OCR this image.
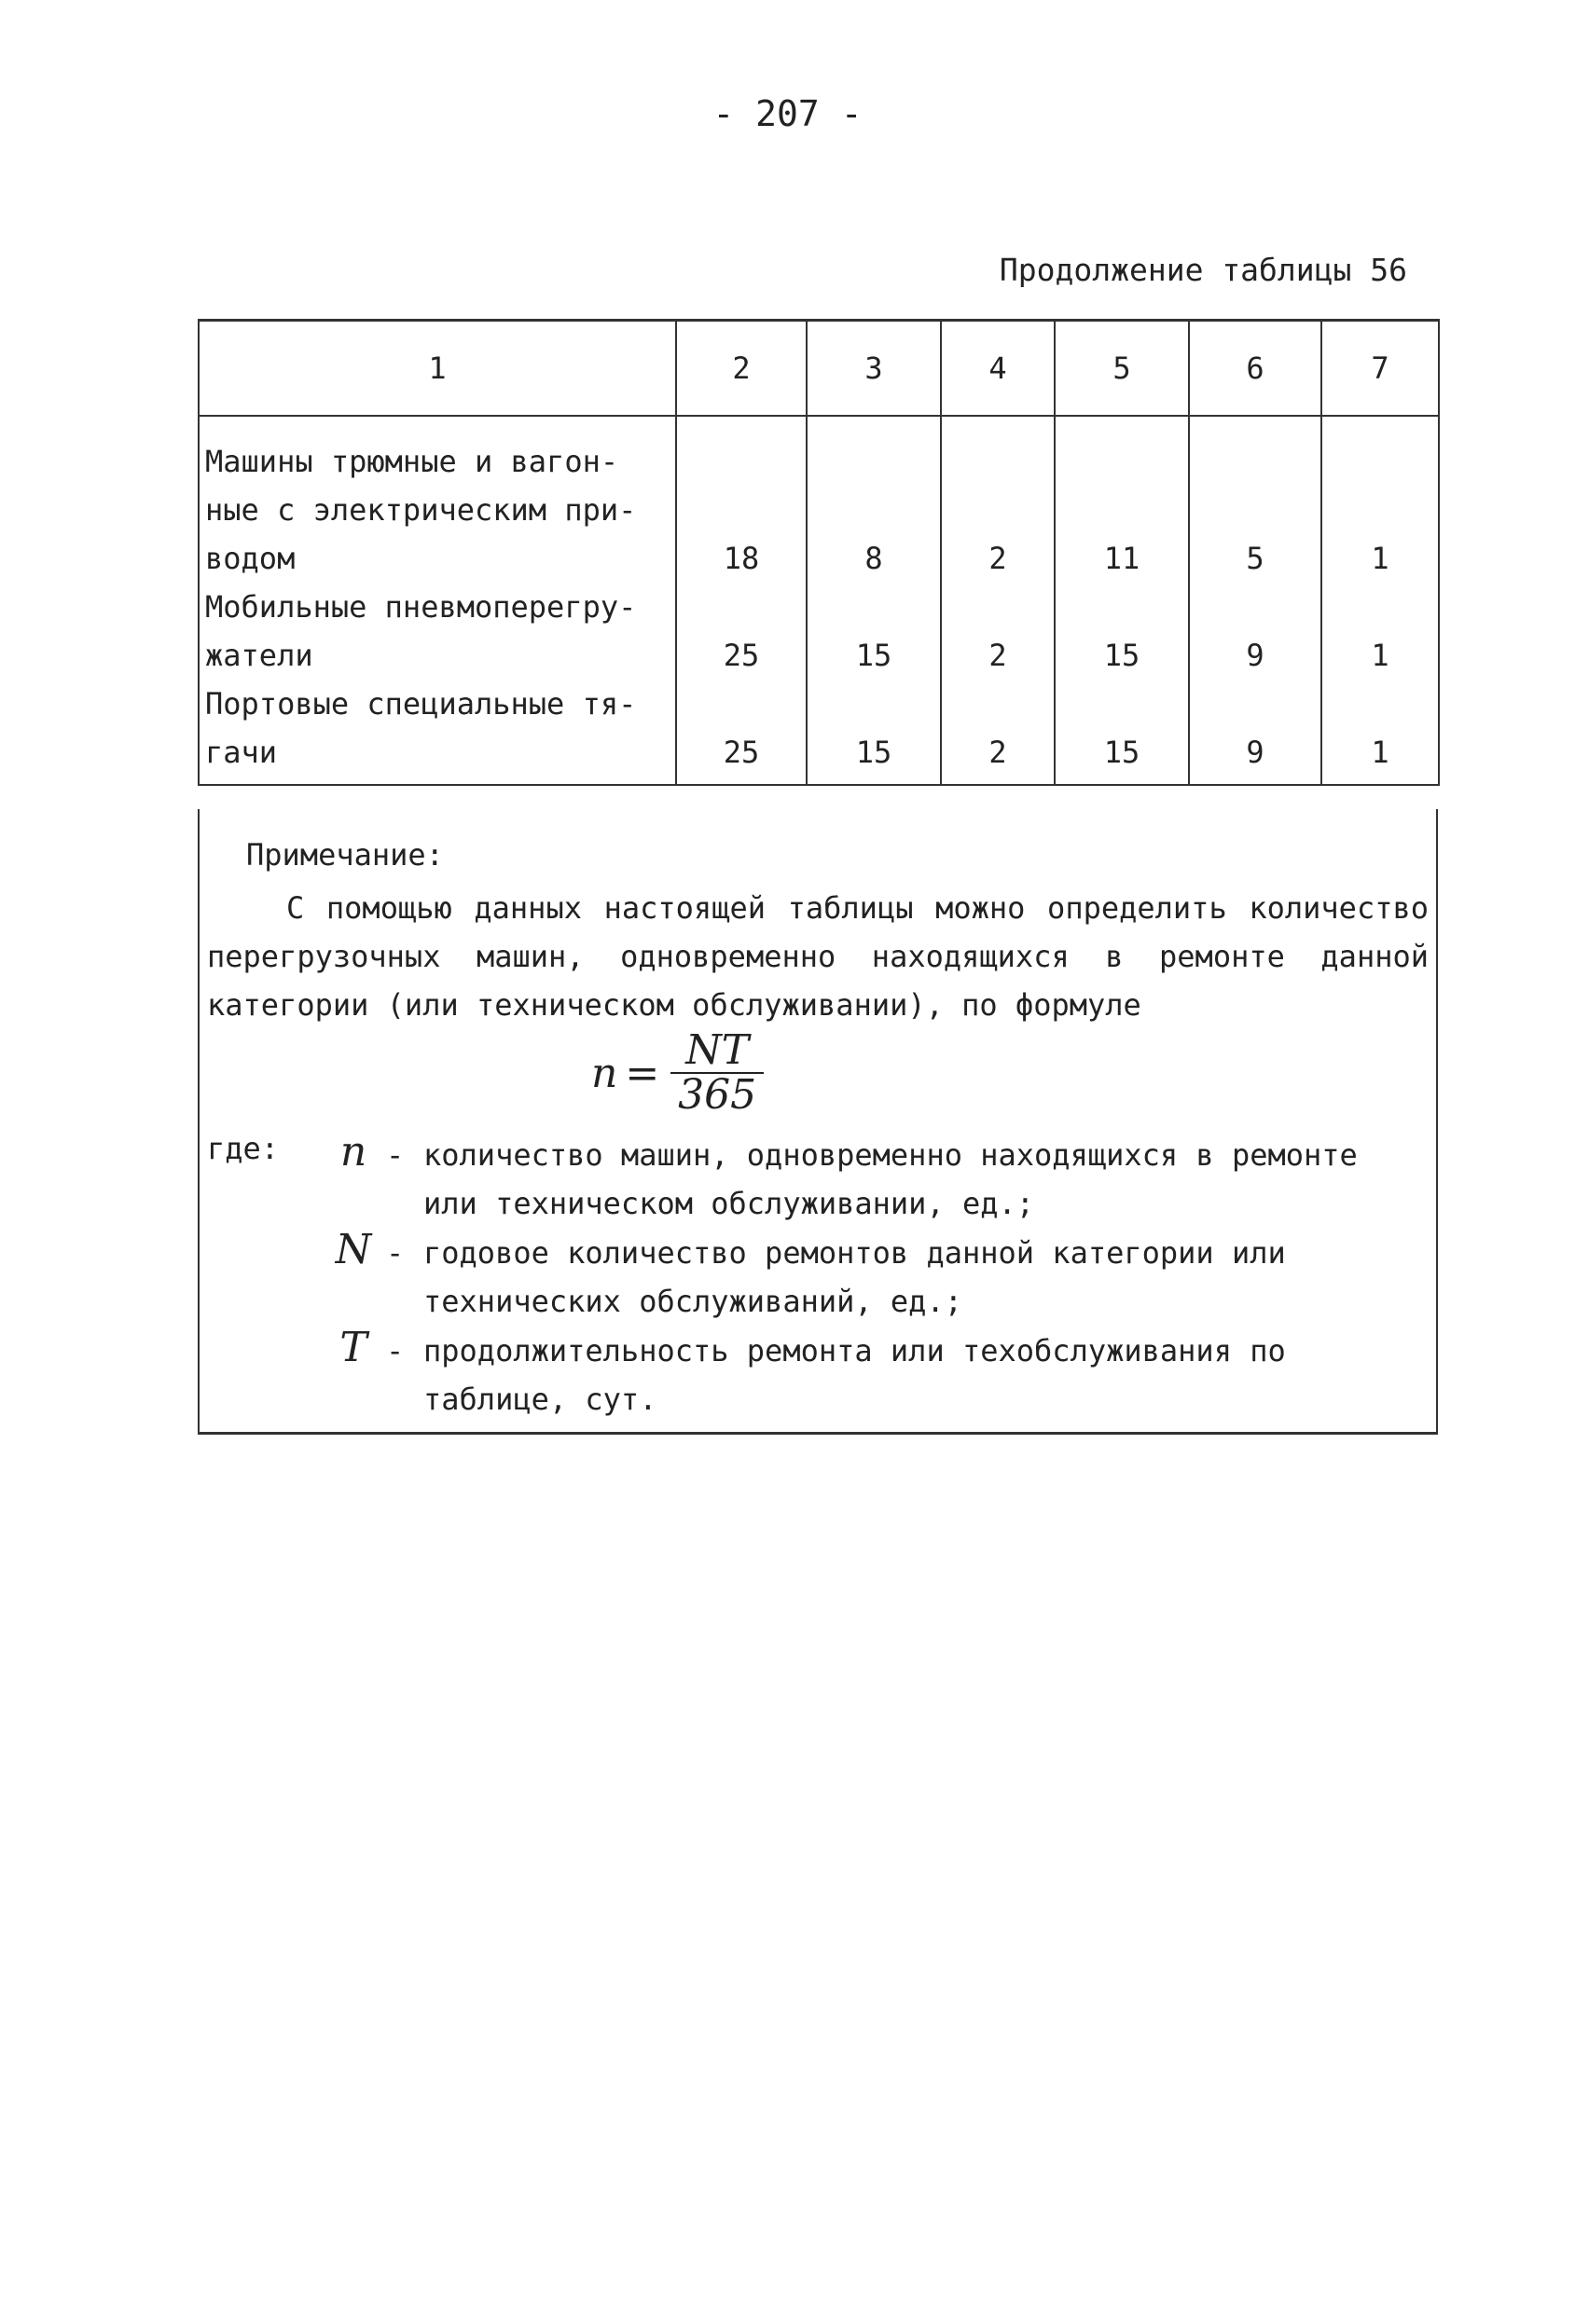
- 207 -
Продолжение таблицы 56
1	2	3	4	5	6	7

Машины трюмные и вагон-
ные с электрическим при-
водом	18	8	2	11	5	1

Мобильные пневмоперегру-
жатели	25	15	2	15	9	1

Портовые специальные тя-
гачи	25	15	2	15	9	1
Примечание:
С помощью данных настоящей таблицы можно определить количество перегрузочных машин, одновременно находящихся в ремонте данной категории (или техническом обслуживании), по формуле
$n = \frac{NT}{365}$
где:	n - количество машин, одновременно находящихся в ремонте или техническом обслуживании, ед.;
N - годовое количество ремонтов данной категории или технических обслуживаний, ед.;
T - продолжительность ремонта или техобслуживания по таблице, сут.
